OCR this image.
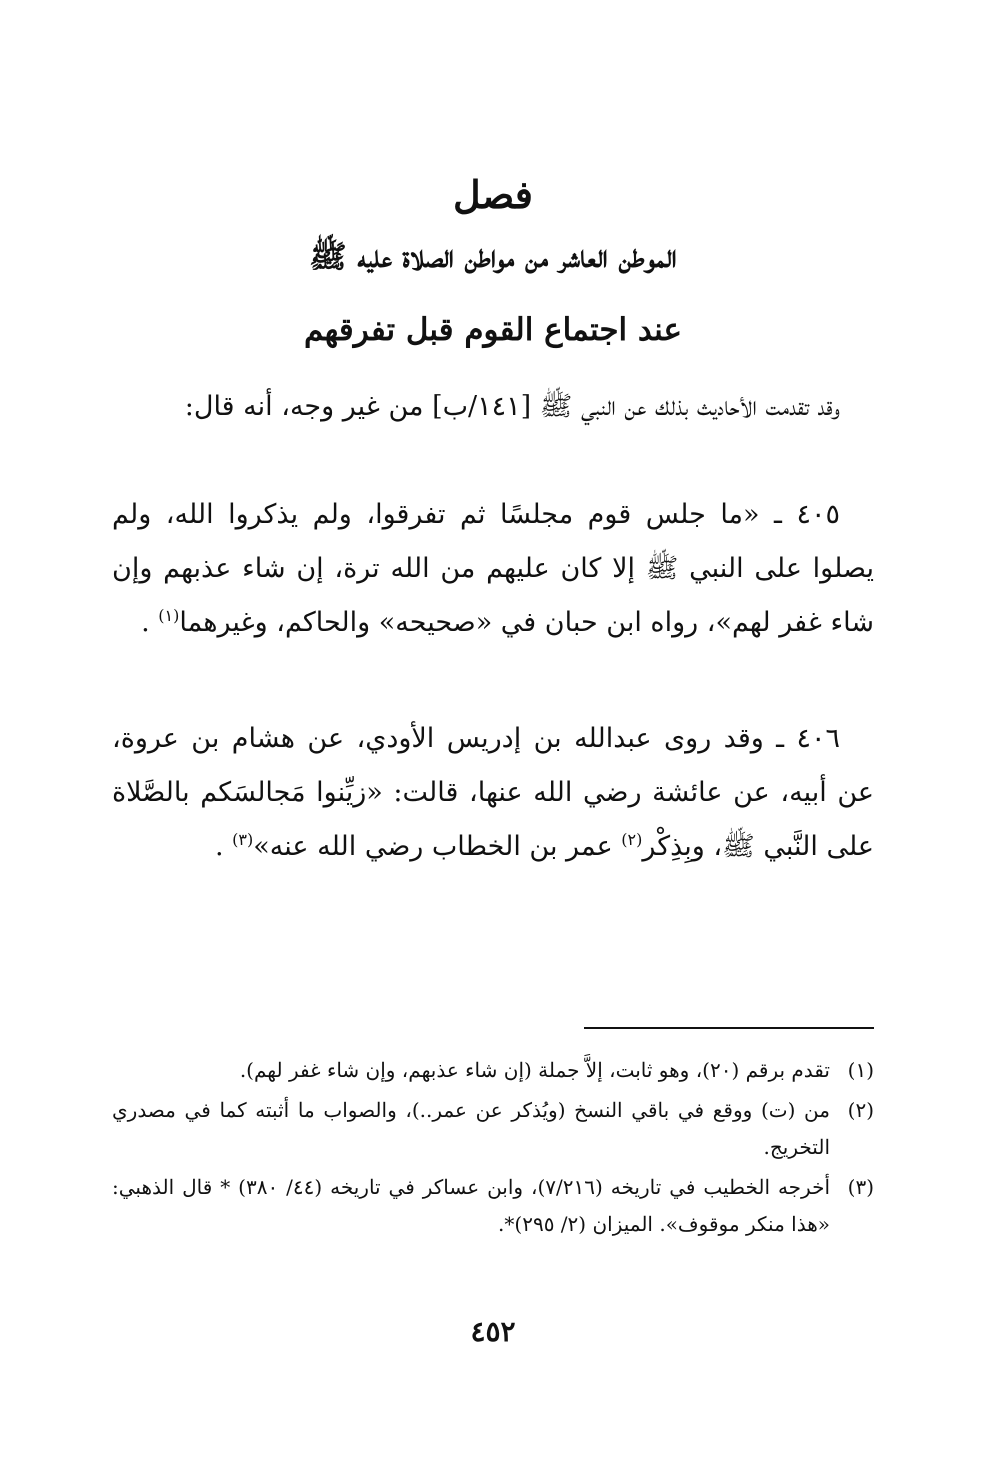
فصل
الموطن العاشر من مواطن الصلاة عليه ﷺ
عند اجتماع القوم قبل تفرقهم
وقد تقدمت الأحاديث بذلك عن النبي ﷺ [١٤١/ب] من غير وجه، أنه قال:
٤٠٥ ـ «ما جلس قوم مجلسًا ثم تفرقوا، ولم يذكروا الله، ولم يصلوا على النبي ﷺ إلا كان عليهم من الله ترة، إن شاء عذبهم وإن شاء غفر لهم»، رواه ابن حبان في «صحيحه» والحاكم، وغيرهما$^{(١)}$ .
٤٠٦ ـ وقد روى عبدالله بن إدريس الأودي، عن هشام بن عروة، عن أبيه، عن عائشة رضي الله عنها، قالت: «زيِّنوا مَجالسَكم بالصَّلاة على النَّبي ﷺ، وبِذِكْر$^{(٢)}$ عمر بن الخطاب رضي الله عنه»$^{(٣)}$ .
(١)
تقدم برقم (٢٠)، وهو ثابت، إلاَّ جملة (إن شاء عذبهم، وإن شاء غفر لهم).
(٢)
من (ت) ووقع في باقي النسخ (ويُذكر عن عمر..)، والصواب ما أثبته كما في مصدري التخريج.
(٣)
أخرجه الخطيب في تاريخه (٧/٢١٦)، وابن عساكر في تاريخه (٤٤/ ٣٨٠) * قال الذهبي: «هذا منكر موقوف». الميزان (٢/ ٢٩٥)*.
٤٥٢
